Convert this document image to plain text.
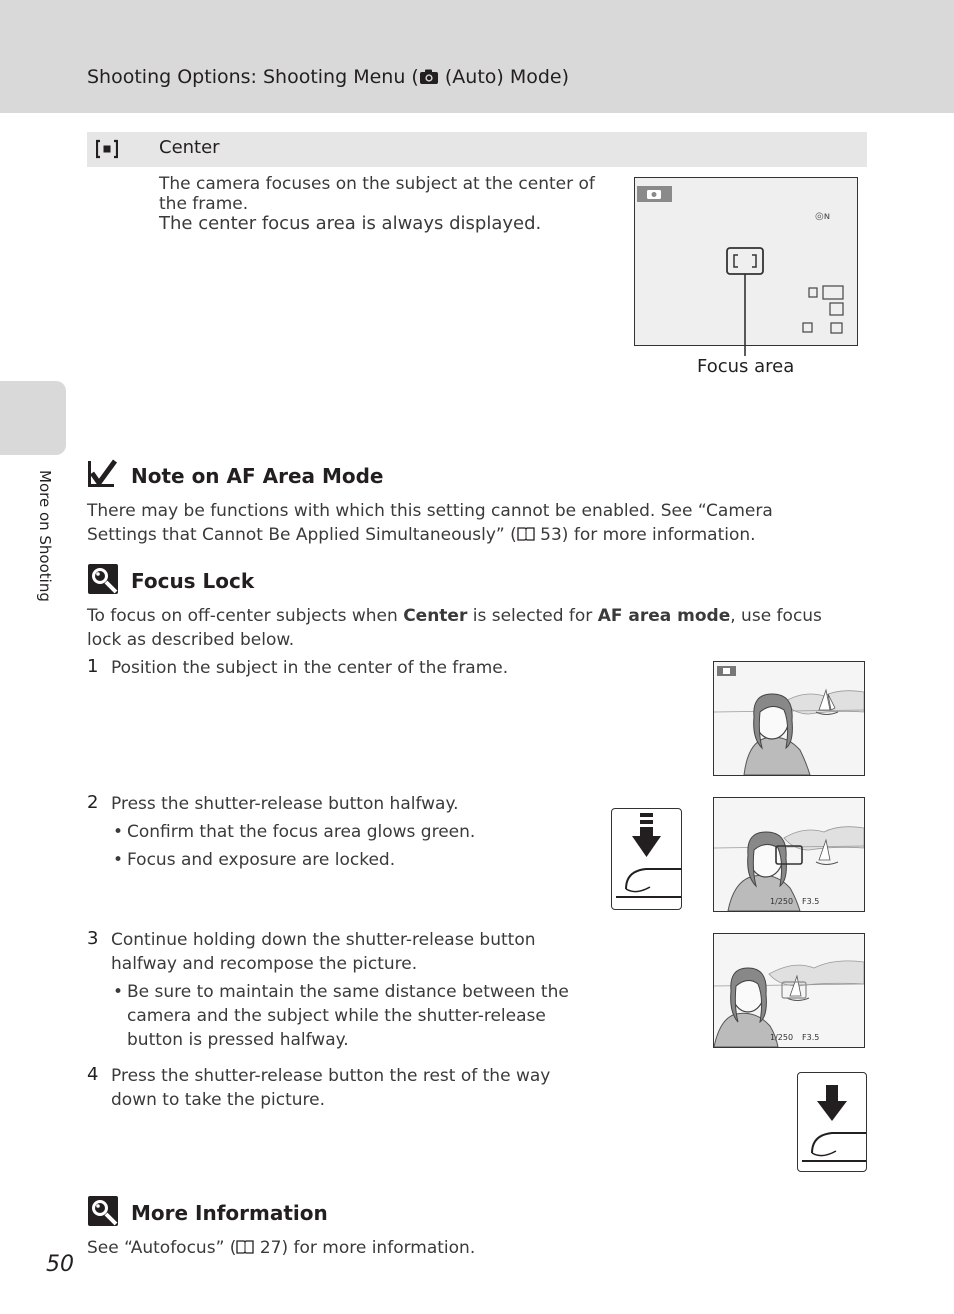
Shooting Options: Shooting Menu ( (Auto) Mode)
More on Shooting
Center
The camera focuses on the subject at the center of the frame.
The center focus area is always displayed.	◎ɴ
Focus area
Note on AF Area Mode
There may be functions with which this setting cannot be enabled. See “Camera Settings that Cannot Be Applied Simultaneously” ( 53) for more information.
Focus Lock
To focus on off-center subjects when Center is selected for AF area mode, use focus lock as described below.
1 Position the subject in the center of the frame.
2 Press the shutter-release button halfway.
• Confirm that the focus area glows green.
• Focus and exposure are locked.
3 Continue holding down the shutter-release button halfway and recompose the picture.
• Be sure to maintain the same distance between the camera and the subject while the shutter-release button is pressed halfway.
4 Press the shutter-release button the rest of the way down to take the picture.
1/250 F3.5
1/250 F3.5
More Information
See “Autofocus” ( 27) for more information.
50
